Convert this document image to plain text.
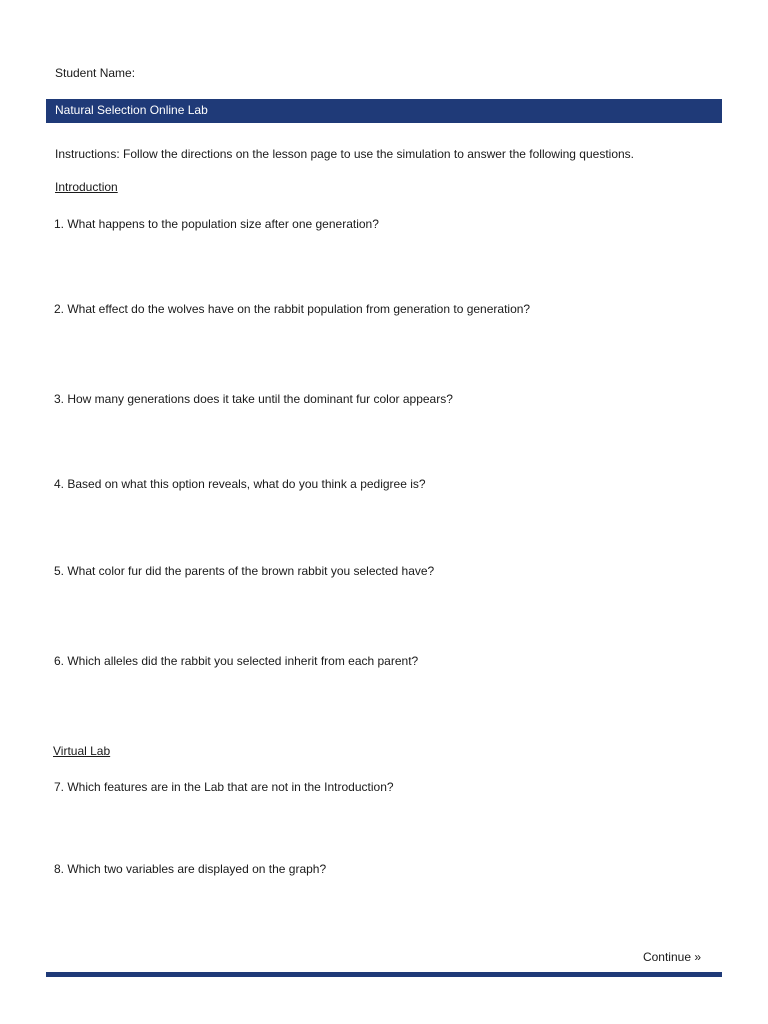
Student Name:
Natural Selection Online Lab
Instructions: Follow the directions on the lesson page to use the simulation to answer the following questions.
Introduction
1. What happens to the population size after one generation?
2. What effect do the wolves have on the rabbit population from generation to generation?
3. How many generations does it take until the dominant fur color appears?
4. Based on what this option reveals, what do you think a pedigree is?
5. What color fur did the parents of the brown rabbit you selected have?
6. Which alleles did the rabbit you selected inherit from each parent?
Virtual Lab
7. Which features are in the Lab that are not in the Introduction?
8. Which two variables are displayed on the graph?
Continue »
